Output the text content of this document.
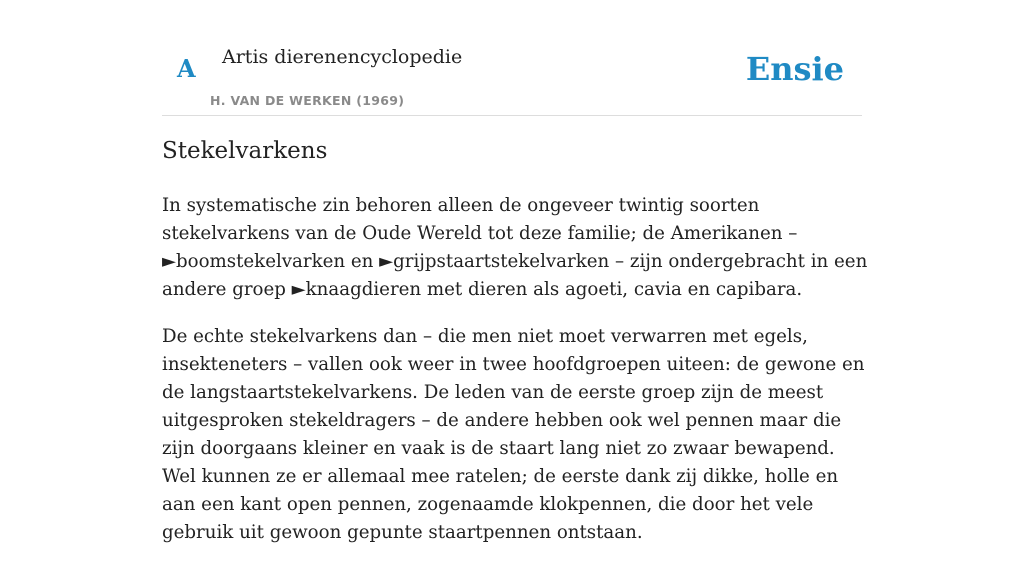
A Artis dierenencyclopedie
H. VAN DE WERKEN (1969)
Ensie
Stekelvarkens

In systematische zin behoren alleen de ongeveer twintig soorten stekelvarkens van de Oude Wereld tot deze familie; de Amerikanen – ►boomstekelvarken en ►grijpstaartstekelvarken – zijn ondergebracht in een andere groep ►knaagdieren met dieren als agoeti, cavia en capibara.

De echte stekelvarkens dan – die men niet moet verwarren met egels, insekteneters – vallen ook weer in twee hoofdgroepen uiteen: de gewone en de langstaartstekelvarkens. De leden van de eerste groep zijn de meest uitgesproken stekeldragers – de andere hebben ook wel pennen maar die zijn doorgaans kleiner en vaak is de staart lang niet zo zwaar bewapend. Wel kunnen ze er allemaal mee ratelen; de eerste dank zij dikke, holle en aan een kant open pennen, zogenaamde klokpennen, die door het vele gebruik uit gewoon gepunte staartpennen ontstaan.
